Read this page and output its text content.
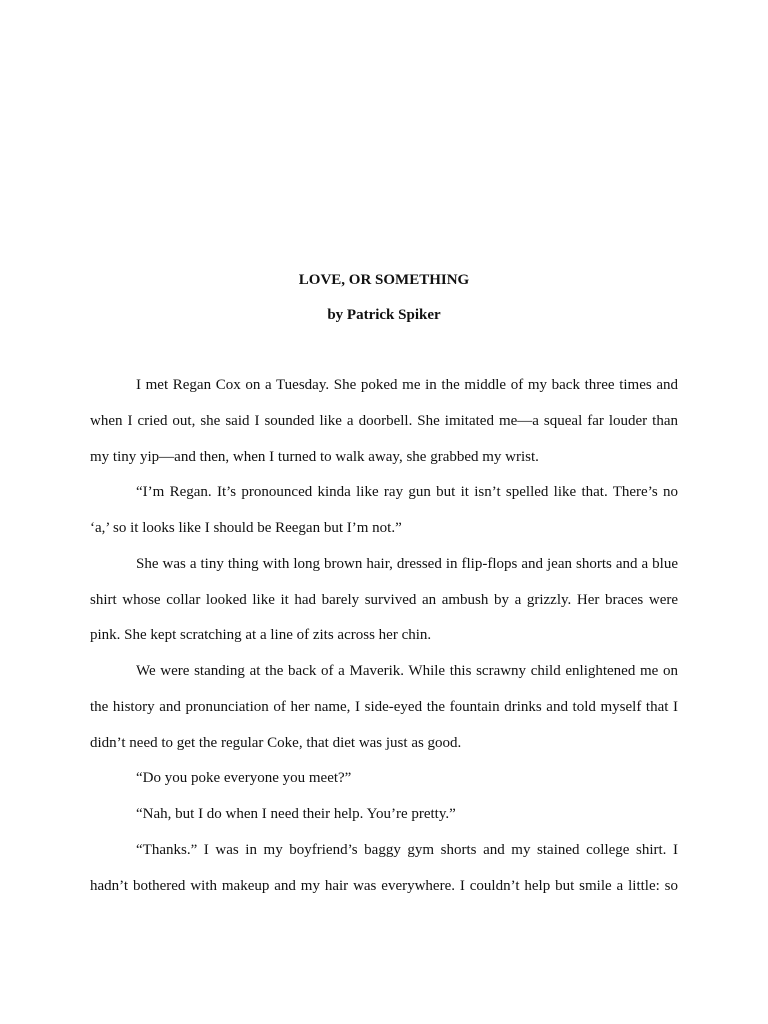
LOVE, OR SOMETHING
by Patrick Spiker

I met Regan Cox on a Tuesday. She poked me in the middle of my back three times and when I cried out, she said I sounded like a doorbell. She imitated me—a squeal far louder than my tiny yip—and then, when I turned to walk away, she grabbed my wrist.

“I’m Regan. It’s pronounced kinda like ray gun but it isn’t spelled like that. There’s no ‘a,’ so it looks like I should be Reegan but I’m not.”

She was a tiny thing with long brown hair, dressed in flip-flops and jean shorts and a blue shirt whose collar looked like it had barely survived an ambush by a grizzly. Her braces were pink. She kept scratching at a line of zits across her chin.

We were standing at the back of a Maverik. While this scrawny child enlightened me on the history and pronunciation of her name, I side-eyed the fountain drinks and told myself that I didn’t need to get the regular Coke, that diet was just as good.

“Do you poke everyone you meet?”

“Nah, but I do when I need their help. You’re pretty.”

“Thanks.” I was in my boyfriend’s baggy gym shorts and my stained college shirt. I hadn’t bothered with makeup and my hair was everywhere. I couldn’t help but smile a little: so
